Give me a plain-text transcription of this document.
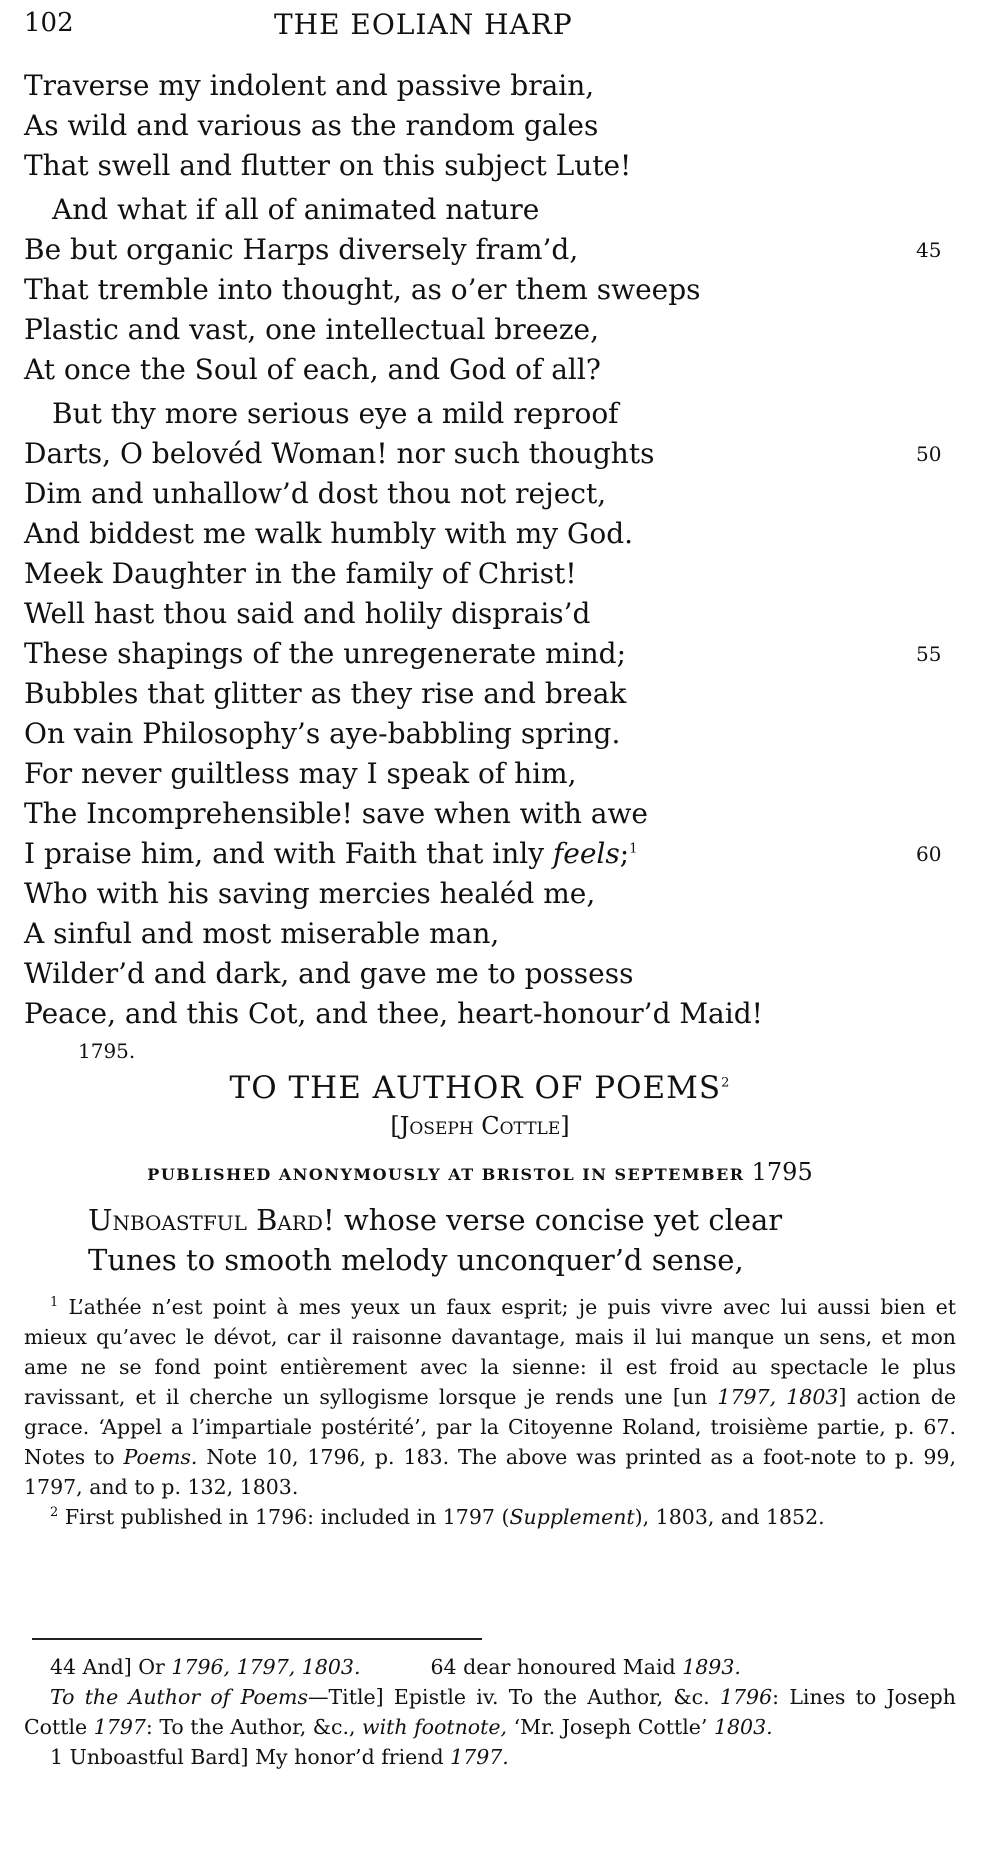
102	THE EOLIAN HARP
Traverse my indolent and passive brain,
As wild and various as the random gales
That swell and flutter on this subject Lute!
And what if all of animated nature
Be but organic Harps diversely fram’d,	45
That tremble into thought, as o’er them sweeps
Plastic and vast, one intellectual breeze,
At once the Soul of each, and God of all?
But thy more serious eye a mild reproof
Darts, O belovéd Woman! nor such thoughts	50
Dim and unhallow’d dost thou not reject,
And biddest me walk humbly with my God.
Meek Daughter in the family of Christ!
Well hast thou said and holily disprais’d
These shapings of the unregenerate mind;	55
Bubbles that glitter as they rise and break
On vain Philosophy’s aye-babbling spring.
For never guiltless may I speak of him,
The Incomprehensible! save when with awe
I praise him, and with Faith that inly feels;$^1$	60
Who with his saving mercies healéd me,
A sinful and most miserable man,
Wilder’d and dark, and gave me to possess
Peace, and this Cot, and thee, heart-honour’d Maid!
1795.
TO THE AUTHOR OF POEMS$^2$
[Joseph Cottle]
PUBLISHED ANONYMOUSLY AT BRISTOL IN SEPTEMBER 1795
Unboastful Bard! whose verse concise yet clear
Tunes to smooth melody unconquer’d sense,

$^1$ L’athée n’est point à mes yeux un faux esprit; je puis vivre avec lui aussi bien et mieux qu’avec le dévot, car il raisonne davantage, mais il lui manque un sens, et mon ame ne se fond point entièrement avec la sienne: il est froid au spectacle le plus ravissant, et il cherche un syllogisme lorsque je rends une [un 1797, 1803] action de grace. ‘Appel a l’impartiale postérité’, par la Citoyenne Roland, troisième partie, p. 67. Notes to Poems. Note 10, 1796, p. 183. The above was printed as a foot-note to p. 99, 1797, and to p. 132, 1803.

$^2$ First published in 1796: included in 1797 (Supplement), 1803, and 1852.

44 And] Or 1796, 1797, 1803.	64 dear honoured Maid 1893.

To the Author of Poems—Title] Epistle iv. To the Author, &c. 1796: Lines to Joseph Cottle 1797: To the Author, &c., with footnote, ‘Mr. Joseph Cottle’ 1803.

1 Unboastful Bard] My honor’d friend 1797.
